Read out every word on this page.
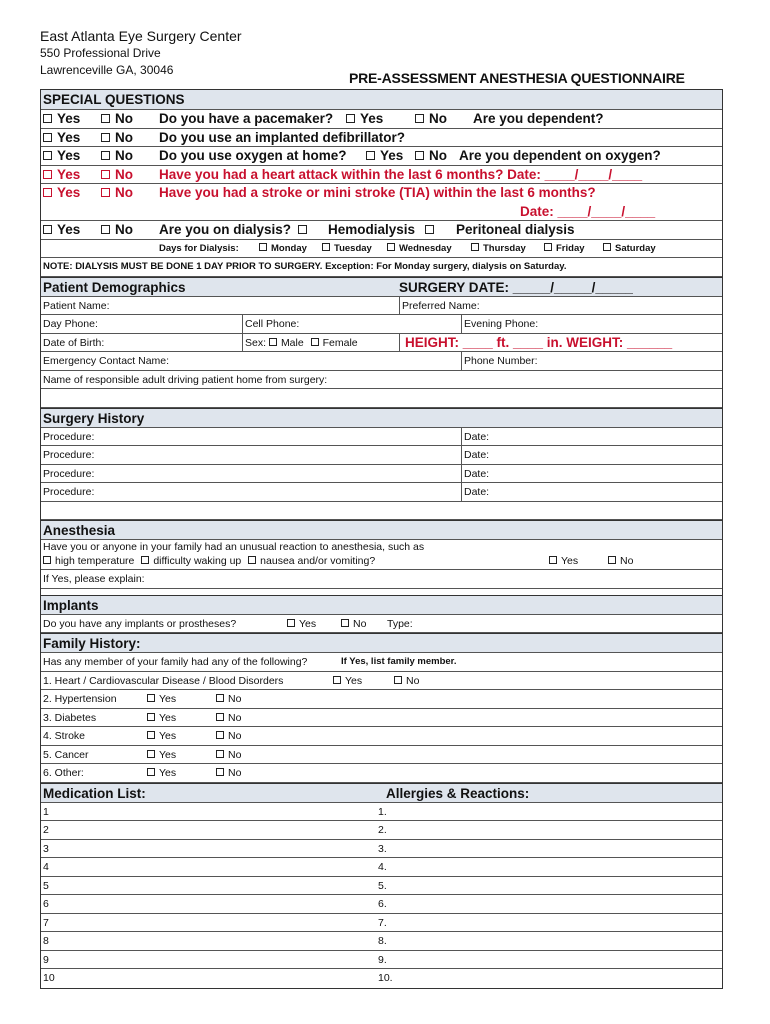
East Atlanta Eye Surgery Center
550 Professional Drive
Lawrenceville GA, 30046	PRE-ASSESSMENT ANESTHESIA QUESTIONNAIRE
SPECIAL QUESTIONS
Yes	No Do you have a pacemaker?	Yes	No Are you dependent?
Yes	No Do you use an implanted defibrillator?
Yes	No Do you use oxygen at home?	Yes	No Are you dependent on oxygen?
Yes	No Have you had a heart attack within the last 6 months? Date: ____/____/____
Yes	No Have you had a stroke or mini stroke (TIA) within the last 6 months?
Date: ____/____/____
Yes	No Are you on dialysis?	Hemodialysis	Peritoneal dialysis
Days for Dialysis:	Monday	Tuesday	Wednesday	Thursday	Friday	Saturday
NOTE: DIALYSIS MUST BE DONE 1 DAY PRIOR TO SURGERY. Exception: For Monday surgery, dialysis on Saturday.
Patient Demographics	SURGERY DATE: _____/_____/_____
Patient Name:	Preferred Name:
Day Phone:	Cell Phone:	Evening Phone:
Date of Birth:	Sex: Male Female	HEIGHT: ____ ft. ____ in. WEIGHT: ______
Emergency Contact Name:	Phone Number:
Name of responsible adult driving patient home from surgery:
Surgery History
Procedure:	Date:
Procedure:	Date:
Procedure:	Date:
Procedure:	Date:
Anesthesia
Have you or anyone in your family had an unusual reaction to anesthesia, such as
high temperature difficulty waking up nausea and/or vomiting?	Yes	No
If Yes, please explain:
Implants
Do you have any implants or prostheses?	Yes	No Type:
Family History:
Has any member of your family had any of the following?	If Yes, list family member.
1. Heart / Cardiovascular Disease / Blood Disorders	Yes	No
2. Hypertension	Yes	No
3. Diabetes	Yes	No
4. Stroke	Yes	No
5. Cancer	Yes	No
6. Other:	Yes	No
Medication List:	Allergies & Reactions:
1	1.
2	2.
3	3.
4	4.
5	5.
6	6.
7	7.
8	8.
9	9.
10	10.
